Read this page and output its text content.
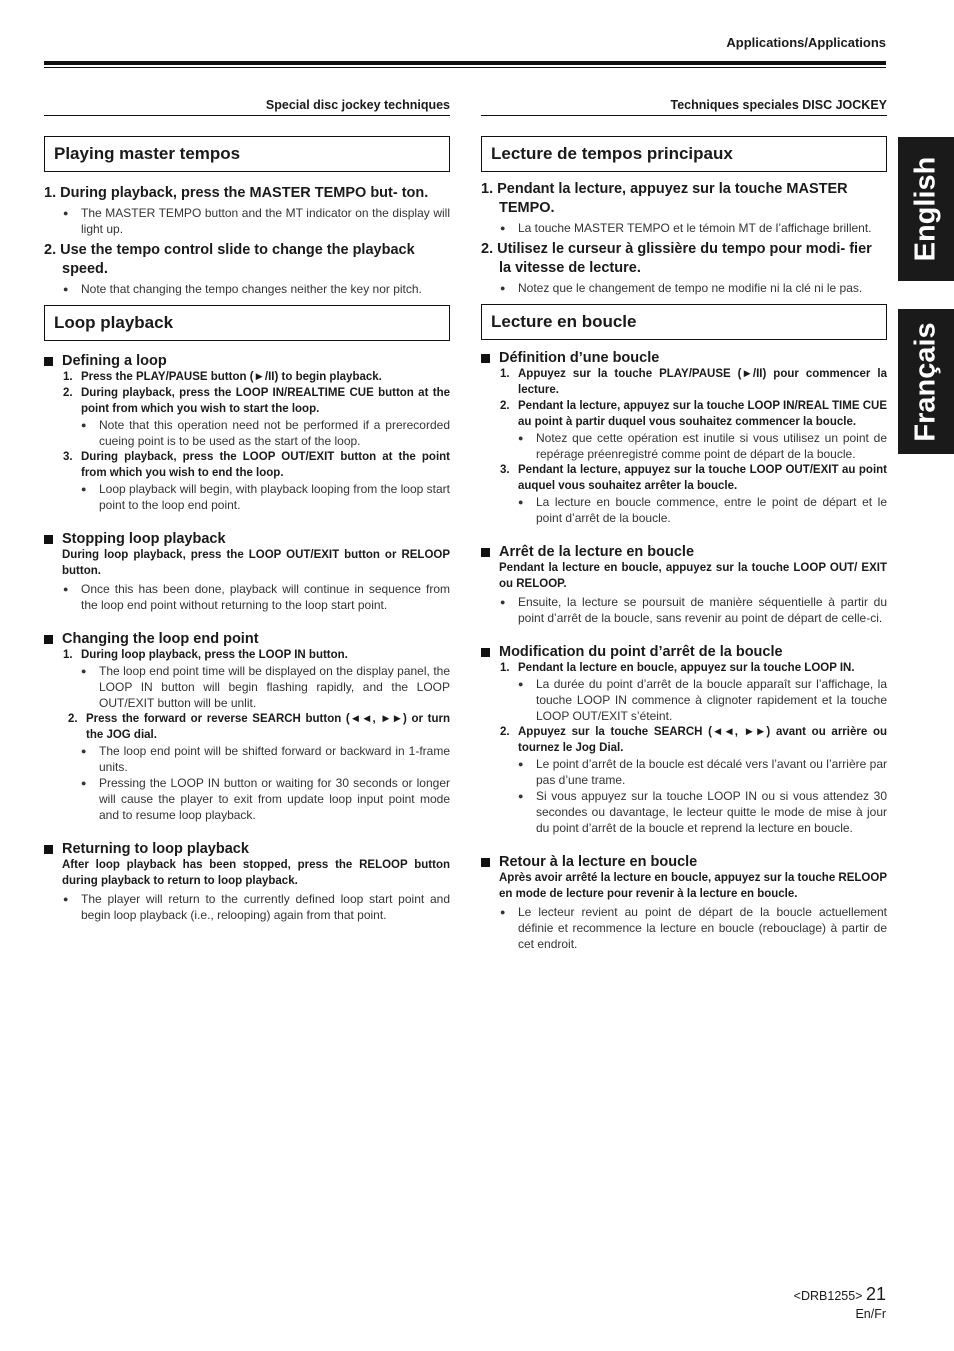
Applications/Applications
English
Français
Special disc jockey techniques
Playing master tempos
1. During playback, press the MASTER TEMPO but- ton.
● The MASTER TEMPO button and the MT indicator on the display will light up.
2. Use the tempo control slide to change the playback speed.
● Note that changing the tempo changes neither the key nor pitch.
Loop playback
Defining a loop
1. Press the PLAY/PAUSE button (►/II) to begin playback.
2. During playback, press the LOOP IN/REALTIME CUE button at the point from which you wish to start the loop.
● Note that this operation need not be performed if a prerecorded cueing point is to be used as the start of the loop.
3. During playback, press the LOOP OUT/EXIT button at the point from which you wish to end the loop.
● Loop playback will begin, with playback looping from the loop start point to the loop end point.
Stopping loop playback
During loop playback, press the LOOP OUT/EXIT button or RELOOP button.
● Once this has been done, playback will continue in sequence from the loop end point without returning to the loop start point.
Changing the loop end point
1. During loop playback, press the LOOP IN button.
● The loop end point time will be displayed on the display panel, the LOOP IN button will begin flashing rapidly, and the LOOP OUT/EXIT button will be unlit.
2. Press the forward or reverse SEARCH button (◄◄, ►►) or turn the JOG dial.
● The loop end point will be shifted forward or backward in 1-frame units.
● Pressing the LOOP IN button or waiting for 30 seconds or longer will cause the player to exit from update loop input point mode and to resume loop playback.
Returning to loop playback
After loop playback has been stopped, press the RELOOP button during playback to return to loop playback.
● The player will return to the currently defined loop start point and begin loop playback (i.e., relooping) again from that point.
Techniques speciales DISC JOCKEY
Lecture de tempos principaux
1. Pendant la lecture, appuyez sur la touche MASTER TEMPO.
● La touche MASTER TEMPO et le témoin MT de l’affichage brillent.
2. Utilisez le curseur à glissière du tempo pour modi- fier la vitesse de lecture.
● Notez que le changement de tempo ne modifie ni la clé ni le pas.
Lecture en boucle
Définition d’une boucle
1. Appuyez sur la touche PLAY/PAUSE (►/II) pour commencer la lecture.
2. Pendant la lecture, appuyez sur la touche LOOP IN/REAL TIME CUE au point à partir duquel vous souhaitez commencer la boucle.
● Notez que cette opération est inutile si vous utilisez un point de repérage préenregistré comme point de départ de la boucle.
3. Pendant la lecture, appuyez sur la touche LOOP OUT/EXIT au point auquel vous souhaitez arrêter la boucle.
● La lecture en boucle commence, entre le point de départ et le point d’arrêt de la boucle.
Arrêt de la lecture en boucle
Pendant la lecture en boucle, appuyez sur la touche LOOP OUT/ EXIT ou RELOOP.
● Ensuite, la lecture se poursuit de manière séquentielle à partir du point d’arrêt de la boucle, sans revenir au point de départ de celle-ci.
Modification du point d’arrêt de la boucle
1. Pendant la lecture en boucle, appuyez sur la touche LOOP IN.
● La durée du point d’arrêt de la boucle apparaît sur l’affichage, la touche LOOP IN commence à clignoter rapidement et la touche LOOP OUT/EXIT s’éteint.
2. Appuyez sur la touche SEARCH (◄◄, ►►) avant ou arrière ou tournez le Jog Dial.
● Le point d’arrêt de la boucle est décalé vers l’avant ou l’arrière par pas d’une trame.
● Si vous appuyez sur la touche LOOP IN ou si vous attendez 30 secondes ou davantage, le lecteur quitte le mode de mise à jour du point d’arrêt de la boucle et reprend la lecture en boucle.
Retour à la lecture en boucle
Après avoir arrêté la lecture en boucle, appuyez sur la touche RELOOP en mode de lecture pour revenir à la lecture en boucle.
● Le lecteur revient au point de départ de la boucle actuellement définie et recommence la lecture en boucle (rebouclage) à partir de cet endroit.
<DRB1255> 21
En/Fr
